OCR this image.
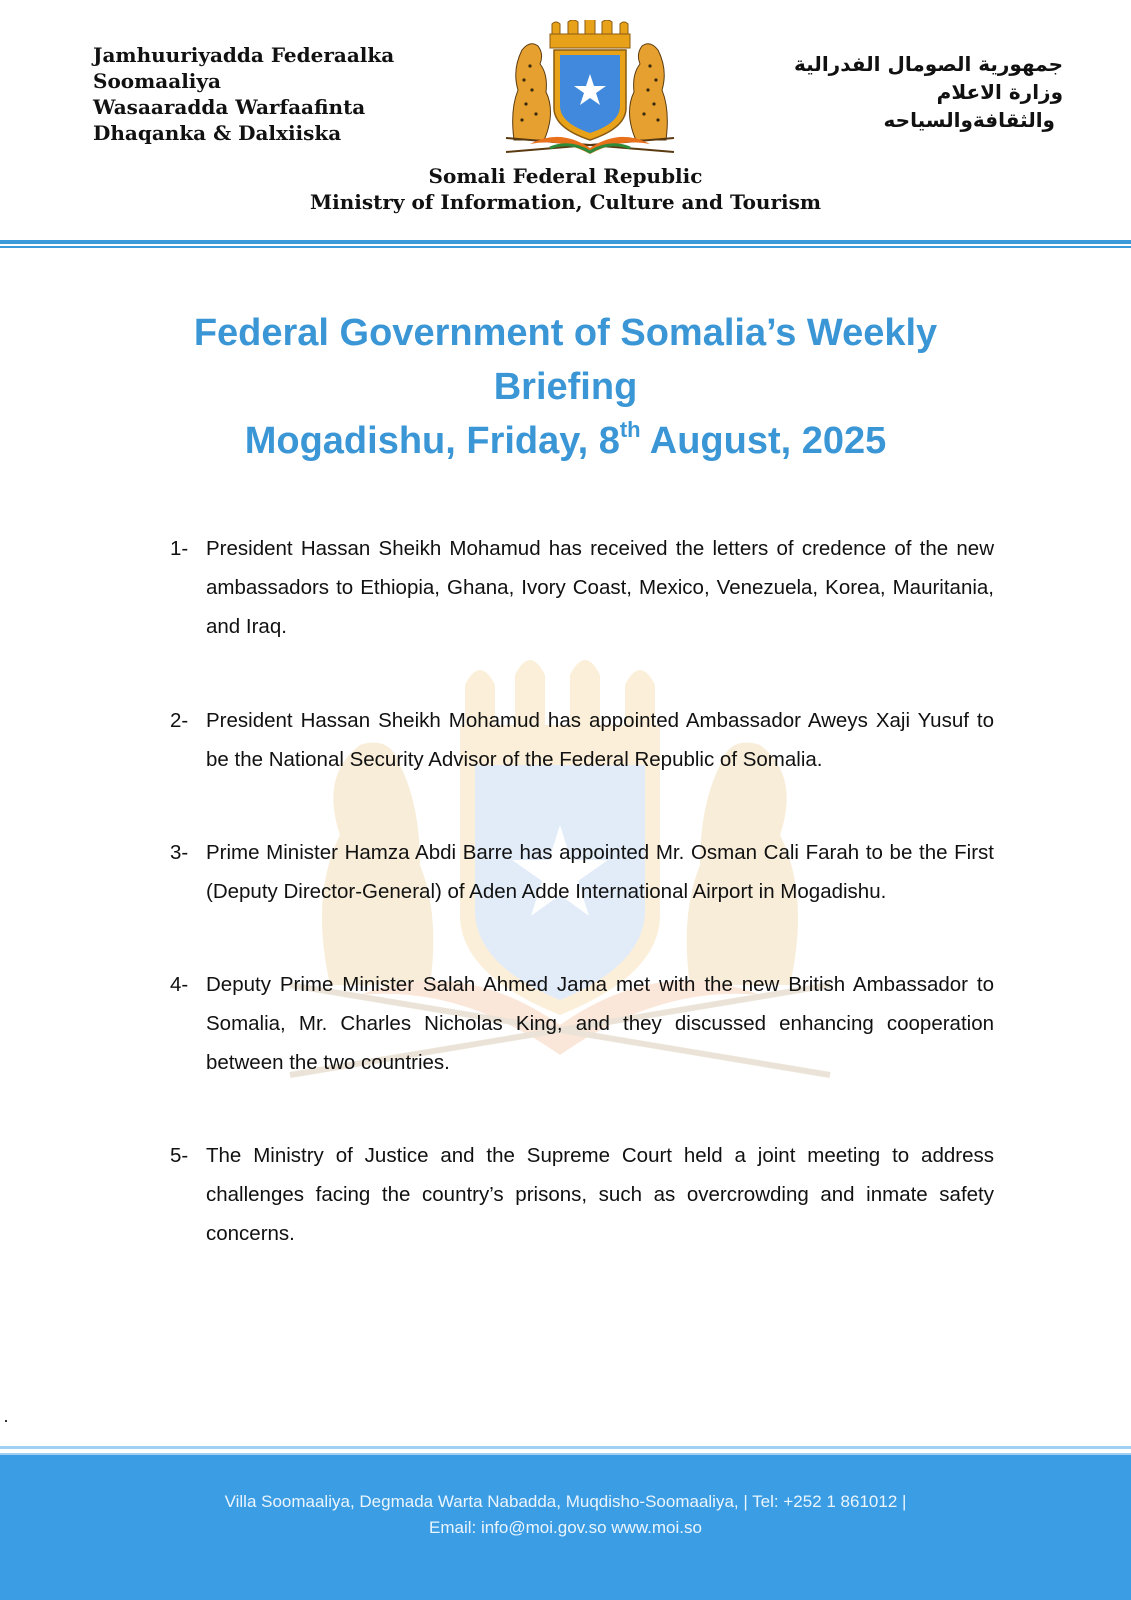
Jamhuuriyadda Federaalka
Soomaaliya
Wasaaradda Warfaafinta
Dhaqanka & Dalxiiska
جمهورية الصومال الفدرالية
وزارة الاعلام
والثقافةوالسياحه
Somali Federal Republic
Ministry of Information, Culture and Tourism
Federal Government of Somalia’s Weekly
Briefing
Mogadishu, Friday, 8th August, 2025
1- President Hassan Sheikh Mohamud has received the letters of credence of the new ambassadors to Ethiopia, Ghana, Ivory Coast, Mexico, Venezuela, Korea, Mauritania, and Iraq.
2- President Hassan Sheikh Mohamud has appointed Ambassador Aweys Xaji Yusuf to be the National Security Advisor of the Federal Republic of Somalia.
3- Prime Minister Hamza Abdi Barre has appointed Mr. Osman Cali Farah to be the First (Deputy Director-General) of Aden Adde International Airport in Mogadishu.
4- Deputy Prime Minister Salah Ahmed Jama met with the new British Ambassador to Somalia, Mr. Charles Nicholas King, and they discussed enhancing cooperation between the two countries.
5- The Ministry of Justice and the Supreme Court held a joint meeting to address challenges facing the country’s prisons, such as overcrowding and inmate safety concerns.
Villa Soomaaliya, Degmada Warta Nabadda, Muqdisho-Soomaaliya, | Tel: +252 1 861012 |
Email: info@moi.gov.so www.moi.so
